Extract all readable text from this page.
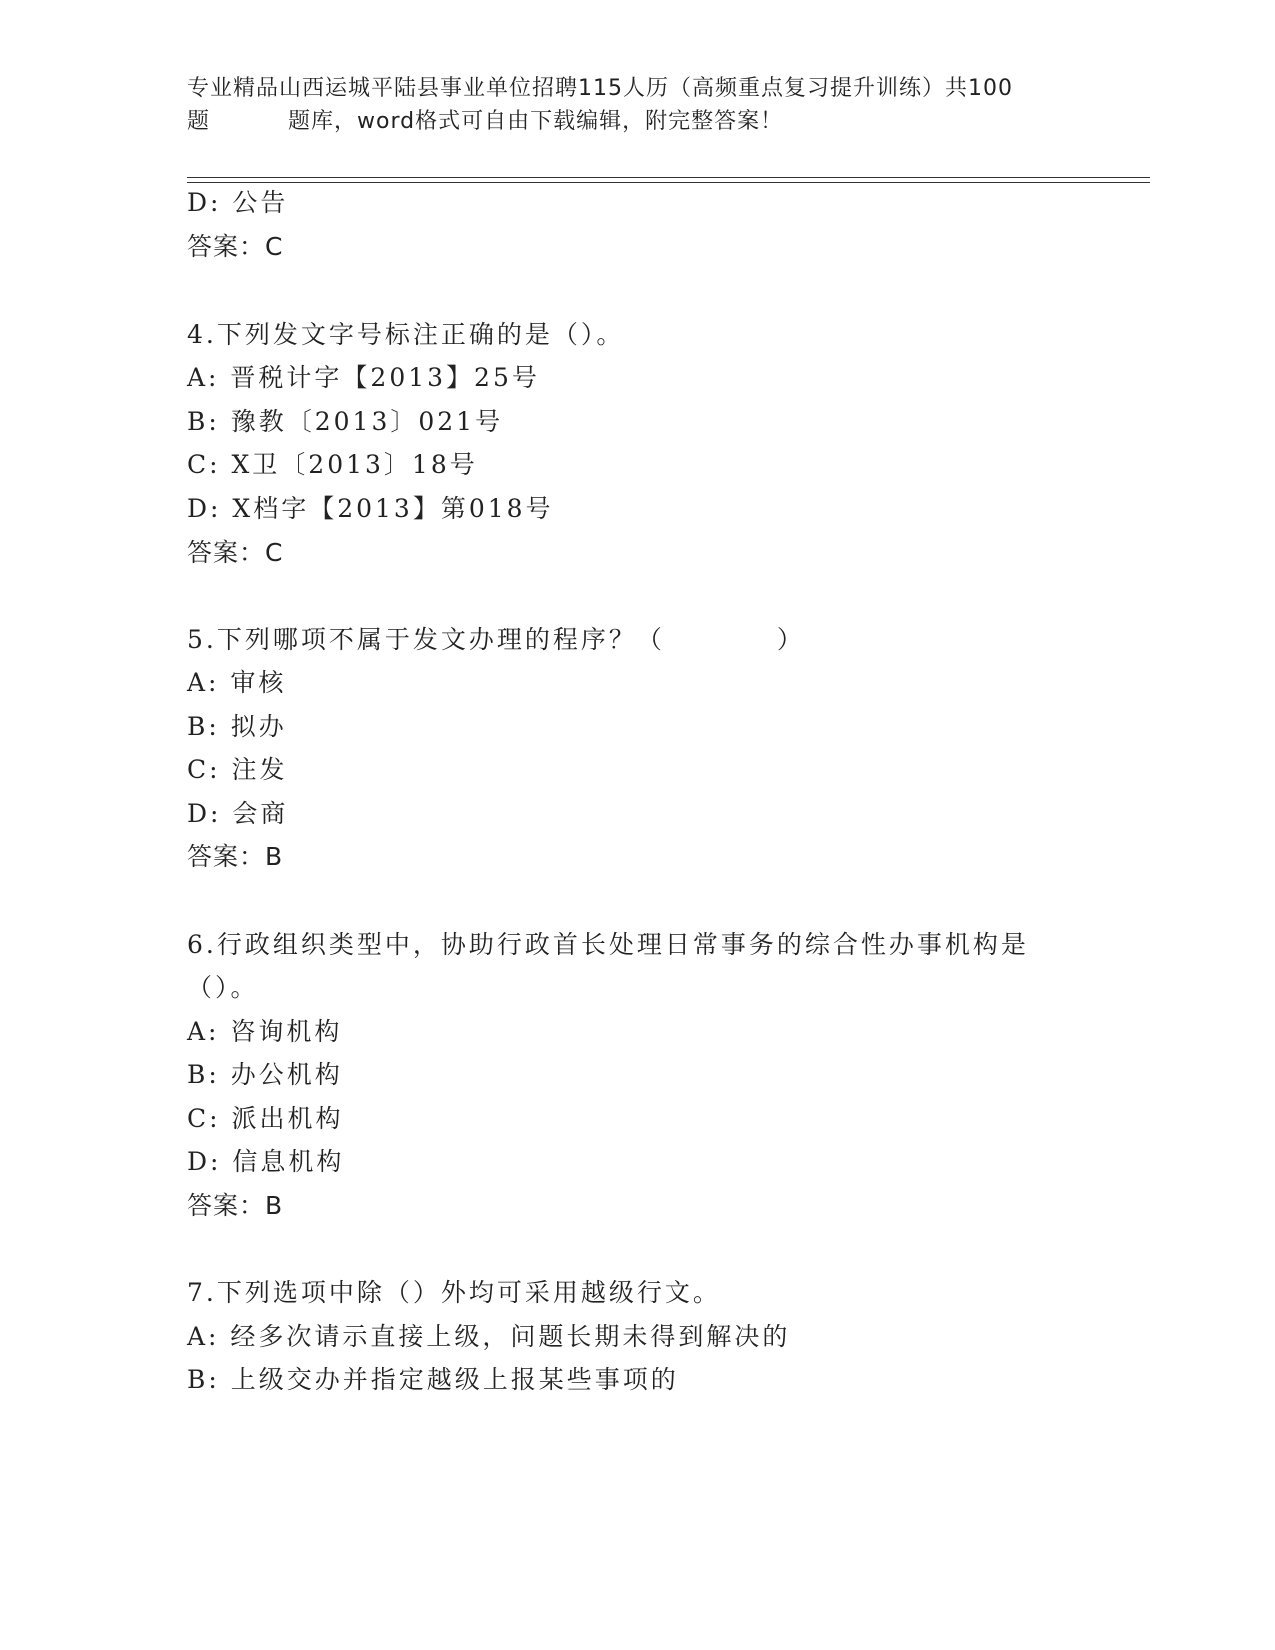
专业精品山西运城平陆县事业单位招聘115人历（高频重点复习提升训练）共100
题	题库，word格式可自由下载编辑，附完整答案！
D: 公告
答案：C
4.下列发文字号标注正确的是（）。
A: 晋税计字【2013】25号
B: 豫教〔2013〕021号
C: X卫〔2013〕18号
D: X档字【2013】第018号
答案：C
5.下列哪项不属于发文办理的程序？（　　　　）
A: 审核
B: 拟办
C: 注发
D: 会商
答案：B
6.行政组织类型中，协助行政首长处理日常事务的综合性办事机构是
（）。
A: 咨询机构
B: 办公机构
C: 派出机构
D: 信息机构
答案：B
7.下列选项中除（）外均可采用越级行文。
A: 经多次请示直接上级，问题长期未得到解决的
B: 上级交办并指定越级上报某些事项的
